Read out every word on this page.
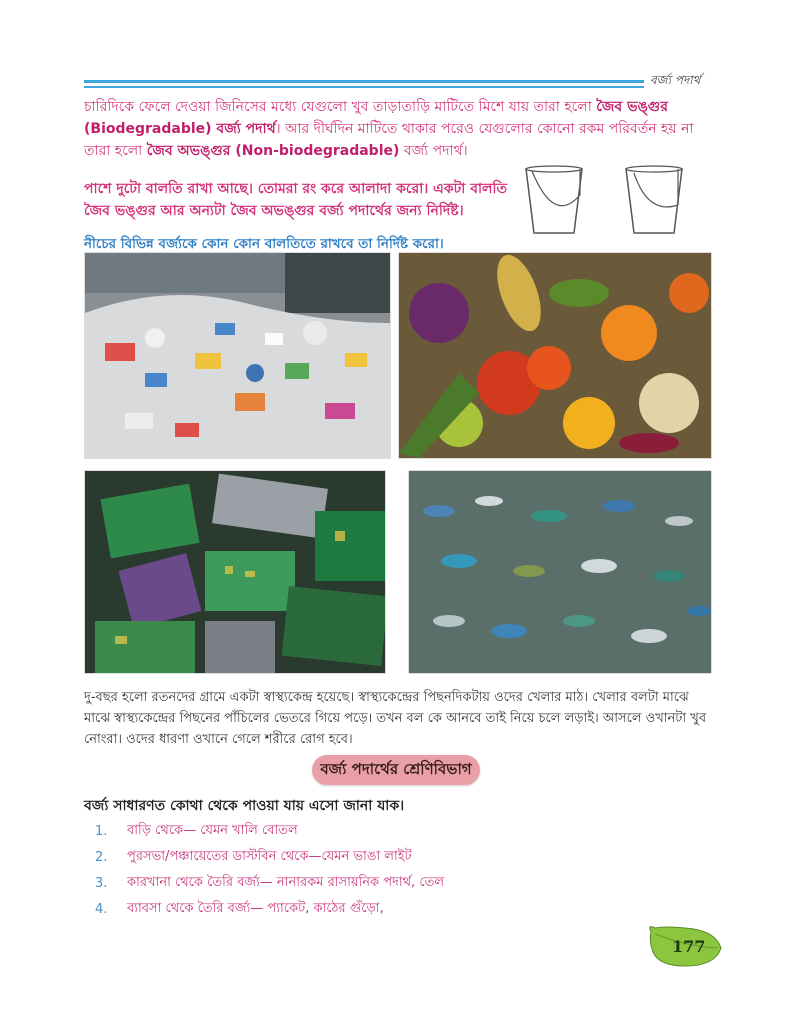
বর্জ্য পদার্থ
চারিদিকে ফেলে দেওয়া জিনিসের মধ্যে যেগুলো খুব তাড়াতাড়ি মাটিতে মিশে যায় তারা হলো জৈব ভঙ্গুর (Biodegradable) বর্জ্য পদার্থ। আর দীর্ঘদিন মাটিতে থাকার পরেও যেগুলোর কোনো রকম পরিবর্তন হয় না তারা হলো জৈব অভঙ্গুর (Non-biodegradable) বর্জ্য পদার্থ।
পাশে দুটো বালতি রাখা আছে। তোমরা রং করে আলাদা করো। একটা বালতি জৈব ভঙ্গুর আর অন্যটা জৈব অভঙ্গুর বর্জ্য পদার্থের জন্য নির্দিষ্ট।
নীচের বিভিন্ন বর্জ্যকে কোন কোন বালতিতে রাখবে তা নির্দিষ্ট করো।
দু-বছর হলো রতনদের গ্রামে একটা স্বাস্থ্যকেন্দ্র হয়েছে। স্বাস্থ্যকেন্দ্রের পিছনদিকটায় ওদের খেলার মাঠ। খেলার বলটা মাঝে মাঝে স্বাস্থ্যকেন্দ্রের পিছনের পাঁচিলের ভেতরে গিয়ে পড়ে। তখন বল কে আনবে তাই নিয়ে চলে লড়াই। আসলে ওখানটা খুব নোংরা। ওদের ধারণা ওখানে গেলে শরীরে রোগ হবে।
বর্জ্য পদার্থের শ্রেণিবিভাগ
বর্জ্য সাধারণত কোথা থেকে পাওয়া যায় এসো জানা যাক।
1.	বাড়ি থেকে— যেমন খালি বোতল
2.	পুরসভা/পঞ্চায়েতের ডাস্টবিন থেকে—যেমন ভাঙা লাইট
3.	কারখানা থেকে তৈরি বর্জ্য— নানারকম রাসায়নিক পদার্থ, তেল
4.	ব্যাবসা থেকে তৈরি বর্জ্য— প্যাকেট, কাঠের গুঁড়ো,
177
